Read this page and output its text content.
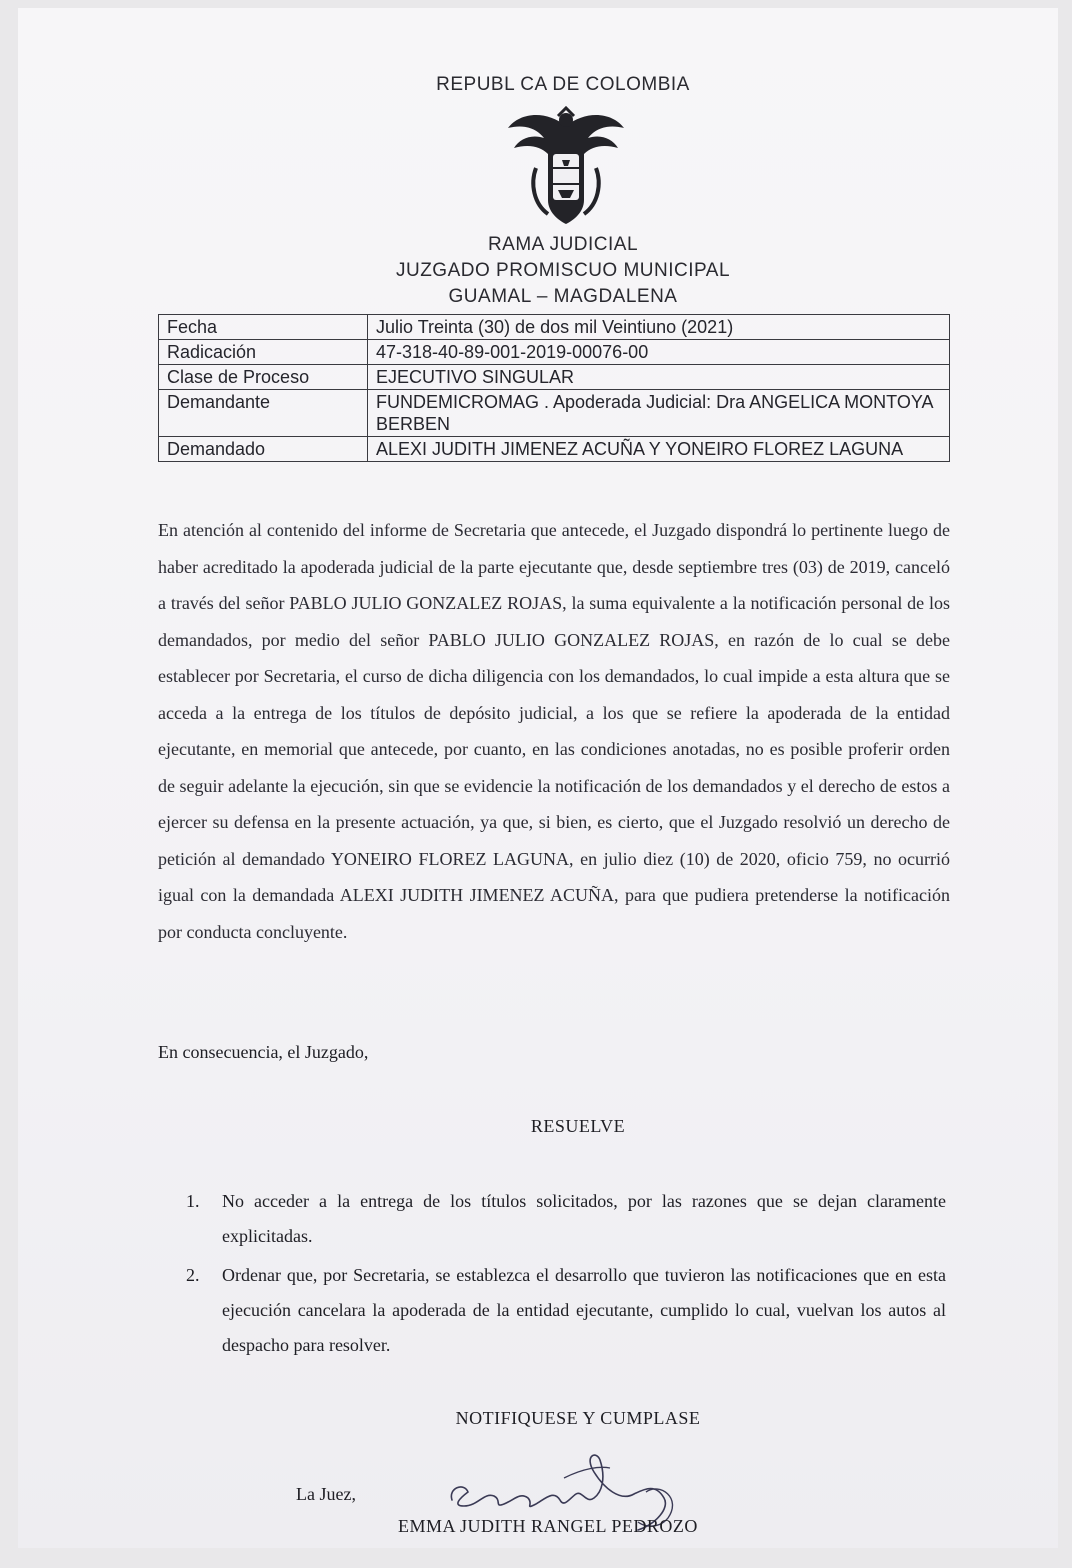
REPUBL CA DE COLOMBIA
RAMA JUDICIAL
JUZGADO PROMISCUO MUNICIPAL
GUAMAL – MAGDALENA
Fecha	Julio Treinta (30) de dos mil Veintiuno (2021)
Radicación	47-318-40-89-001-2019-00076-00
Clase de Proceso	EJECUTIVO SINGULAR
Demandante	FUNDEMICROMAG . Apoderada Judicial: Dra ANGELICA MONTOYA BERBEN
Demandado	ALEXI JUDITH JIMENEZ ACUÑA Y YONEIRO FLOREZ LAGUNA

En atención al contenido del informe de Secretaria que antecede, el Juzgado dispondrá lo pertinente luego de haber acreditado la apoderada judicial de la parte ejecutante que, desde septiembre tres (03) de 2019, canceló a través del señor PABLO JULIO GONZALEZ ROJAS, la suma equivalente a la notificación personal de los demandados, por medio del señor PABLO JULIO GONZALEZ ROJAS, en razón de lo cual se debe establecer por Secretaria, el curso de dicha diligencia con los demandados, lo cual impide a esta altura que se acceda a la entrega de los títulos de depósito judicial, a los que se refiere la apoderada de la entidad ejecutante, en memorial que antecede, por cuanto, en las condiciones anotadas, no es posible proferir orden de seguir adelante la ejecución, sin que se evidencie la notificación de los demandados y el derecho de estos a ejercer su defensa en la presente actuación, ya que, si bien, es cierto, que el Juzgado resolvió un derecho de petición al demandado YONEIRO FLOREZ LAGUNA, en julio diez (10) de 2020, oficio 759, no ocurrió igual con la demandada ALEXI JUDITH JIMENEZ ACUÑA, para que pudiera pretenderse la notificación por conducta concluyente.

En consecuencia, el Juzgado,
RESUELVE
1. No acceder a la entrega de los títulos solicitados, por las razones que se dejan claramente explicitadas.
2. Ordenar que, por Secretaria, se establezca el desarrollo que tuvieron las notificaciones que en esta ejecución cancelara la apoderada de la entidad ejecutante, cumplido lo cual, vuelvan los autos al despacho para resolver.
NOTIFIQUESE Y CUMPLASE
La Juez,
EMMA JUDITH RANGEL PEDROZO
